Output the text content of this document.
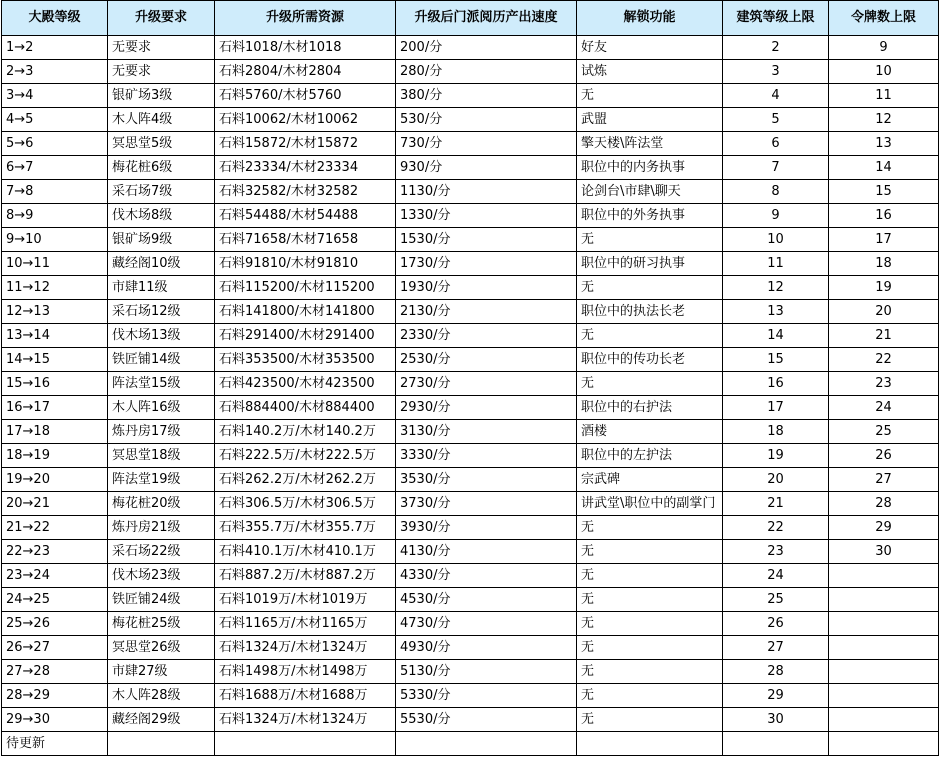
大殿等级	升级要求	升级所需资源	升级后门派阅历产出速度	解锁功能	建筑等级上限	令牌数上限
1→2	无要求	石料1018/木材1018	200/分	好友	2	9
2→3	无要求	石料2804/木材2804	280/分	试炼	3	10
3→4	银矿场3级	石料5760/木材5760	380/分	无	4	11
4→5	木人阵4级	石料10062/木材10062	530/分	武盟	5	12
5→6	冥思堂5级	石料15872/木材15872	730/分	擎天楼\阵法堂	6	13
6→7	梅花桩6级	石料23334/木材23334	930/分	职位中的内务执事	7	14
7→8	采石场7级	石料32582/木材32582	1130/分	论剑台\市肆\聊天	8	15
8→9	伐木场8级	石料54488/木材54488	1330/分	职位中的外务执事	9	16
9→10	银矿场9级	石料71658/木材71658	1530/分	无	10	17
10→11	藏经阁10级	石料91810/木材91810	1730/分	职位中的研习执事	11	18
11→12	市肆11级	石料115200/木材115200	1930/分	无	12	19
12→13	采石场12级	石料141800/木材141800	2130/分	职位中的执法长老	13	20
13→14	伐木场13级	石料291400/木材291400	2330/分	无	14	21
14→15	铁匠铺14级	石料353500/木材353500	2530/分	职位中的传功长老	15	22
15→16	阵法堂15级	石料423500/木材423500	2730/分	无	16	23
16→17	木人阵16级	石料884400/木材884400	2930/分	职位中的右护法	17	24
17→18	炼丹房17级	石料140.2万/木材140.2万	3130/分	酒楼	18	25
18→19	冥思堂18级	石料222.5万/木材222.5万	3330/分	职位中的左护法	19	26
19→20	阵法堂19级	石料262.2万/木材262.2万	3530/分	宗武碑	20	27
20→21	梅花桩20级	石料306.5万/木材306.5万	3730/分	讲武堂\职位中的副掌门	21	28
21→22	炼丹房21级	石料355.7万/木材355.7万	3930/分	无	22	29
22→23	采石场22级	石料410.1万/木材410.1万	4130/分	无	23	30
23→24	伐木场23级	石料887.2万/木材887.2万	4330/分	无	24	
24→25	铁匠铺24级	石料1019万/木材1019万	4530/分	无	25	
25→26	梅花桩25级	石料1165万/木材1165万	4730/分	无	26	
26→27	冥思堂26级	石料1324万/木材1324万	4930/分	无	27	
27→28	市肆27级	石料1498万/木材1498万	5130/分	无	28	
28→29	木人阵28级	石料1688万/木材1688万	5330/分	无	29	
29→30	藏经阁29级	石料1324万/木材1324万	5530/分	无	30	
待更新						
